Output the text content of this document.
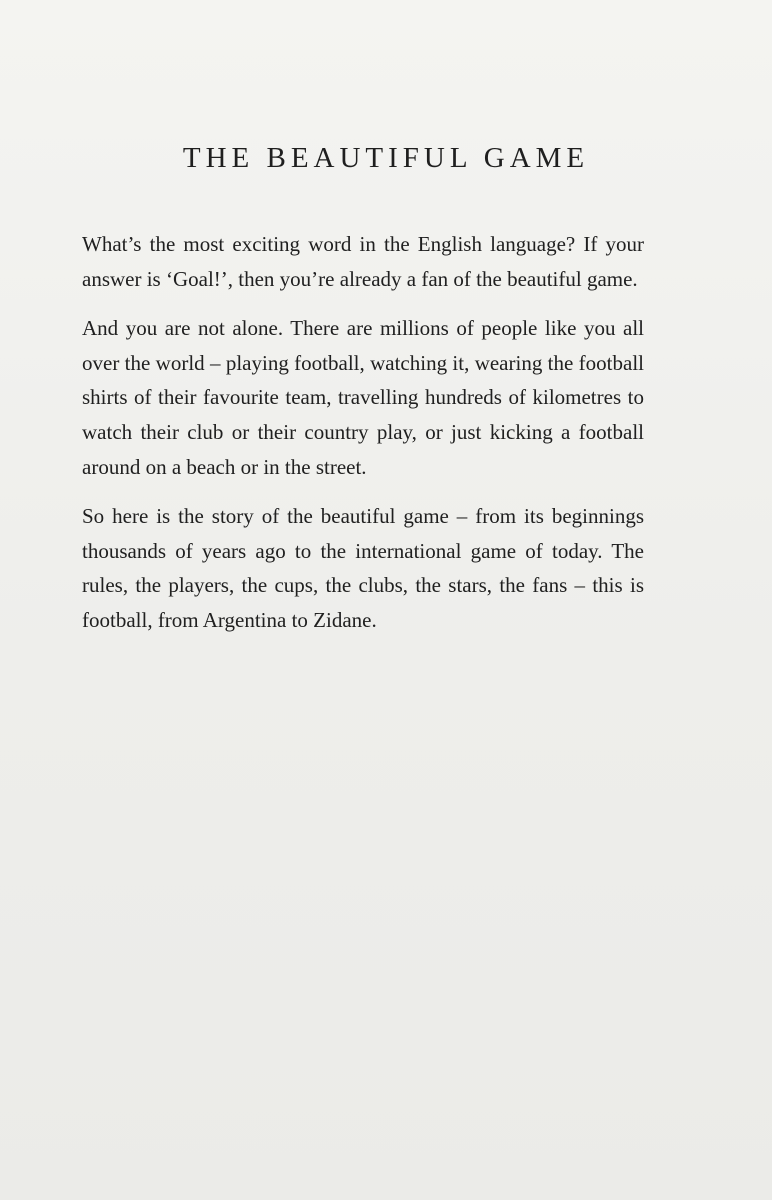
THE BEAUTIFUL GAME

What’s the most exciting word in the English language? If your answer is ‘Goal!’, then you’re already a fan of the beautiful game.

And you are not alone. There are millions of people like you all over the world – playing football, watching it, wearing the football shirts of their favourite team, travelling hundreds of kilometres to watch their club or their country play, or just kicking a football around on a beach or in the street.

So here is the story of the beautiful game – from its beginnings thousands of years ago to the international game of today. The rules, the players, the cups, the clubs, the stars, the fans – this is football, from Argentina to Zidane.
